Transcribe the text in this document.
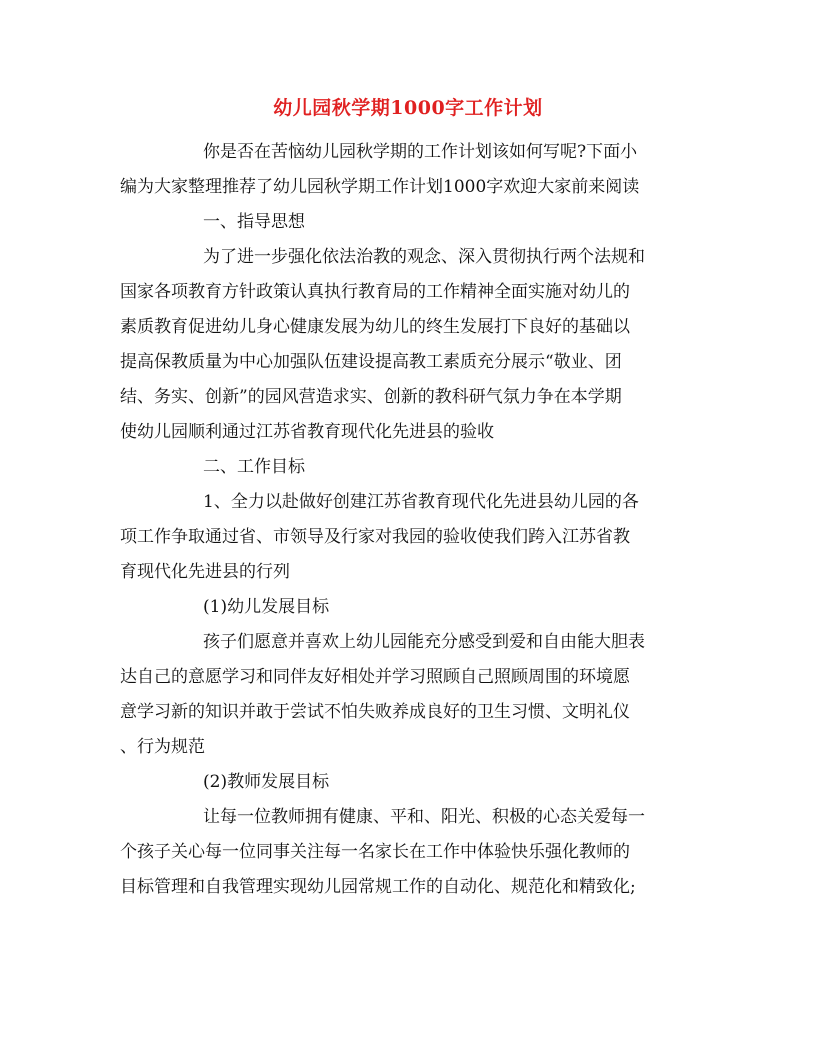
幼儿园秋学期1000字工作计划
你是否在苦恼幼儿园秋学期的工作计划该如何写呢?下面小
编为大家整理推荐了幼儿园秋学期工作计划1000字欢迎大家前来阅读
一、指导思想
为了进一步强化依法治教的观念、深入贯彻执行两个法规和
国家各项教育方针政策认真执行教育局的工作精神全面实施对幼儿的
素质教育促进幼儿身心健康发展为幼儿的终生发展打下良好的基础以
提高保教质量为中心加强队伍建设提高教工素质充分展示“敬业、团
结、务实、创新”的园风营造求实、创新的教科研气氛力争在本学期
使幼儿园顺利通过江苏省教育现代化先进县的验收
二、工作目标
1、全力以赴做好创建江苏省教育现代化先进县幼儿园的各
项工作争取通过省、市领导及行家对我园的验收使我们跨入江苏省教
育现代化先进县的行列
(1)幼儿发展目标
孩子们愿意并喜欢上幼儿园能充分感受到爱和自由能大胆表
达自己的意愿学习和同伴友好相处并学习照顾自己照顾周围的环境愿
意学习新的知识并敢于尝试不怕失败养成良好的卫生习惯、文明礼仪
、行为规范
(2)教师发展目标
让每一位教师拥有健康、平和、阳光、积极的心态关爱每一
个孩子关心每一位同事关注每一名家长在工作中体验快乐强化教师的
目标管理和自我管理实现幼儿园常规工作的自动化、规范化和精致化;
